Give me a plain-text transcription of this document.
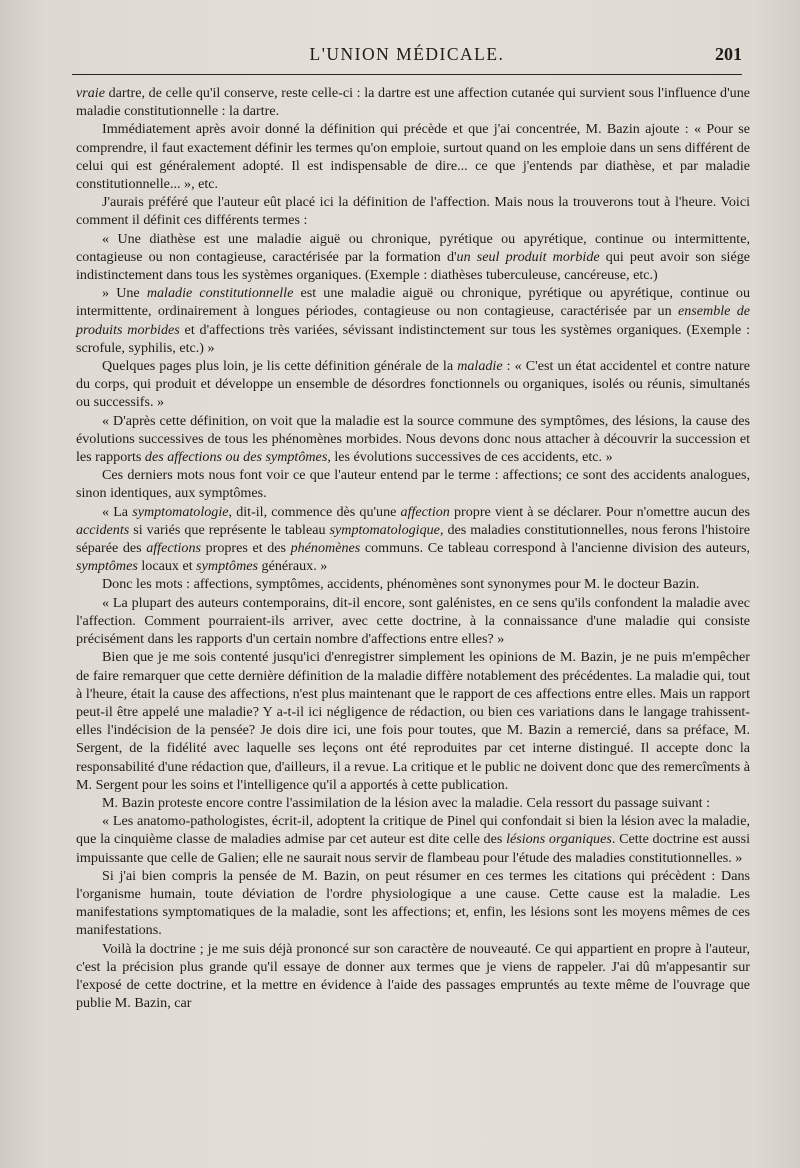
L'UNION MÉDICALE.	201

vraie dartre, de celle qu'il conserve, reste celle-ci : la dartre est une affection cutanée qui survient sous l'influence d'une maladie constitutionnelle : la dartre.

Immédiatement après avoir donné la définition qui précède et que j'ai concentrée, M. Bazin ajoute : « Pour se comprendre, il faut exactement définir les termes qu'on emploie, surtout quand on les emploie dans un sens différent de celui qui est généralement adopté. Il est indispensable de dire... ce que j'entends par diathèse, et par maladie constitutionnelle... », etc.

J'aurais préféré que l'auteur eût placé ici la définition de l'affection. Mais nous la trouverons tout à l'heure. Voici comment il définit ces différents termes :

« Une diathèse est une maladie aiguë ou chronique, pyrétique ou apyrétique, continue ou intermittente, contagieuse ou non contagieuse, caractérisée par la formation d'un seul produit morbide qui peut avoir son siége indistinctement dans tous les systèmes organiques. (Exemple : diathèses tuberculeuse, cancéreuse, etc.)

» Une maladie constitutionnelle est une maladie aiguë ou chronique, pyrétique ou apyrétique, continue ou intermittente, ordinairement à longues périodes, contagieuse ou non contagieuse, caractérisée par un ensemble de produits morbides et d'affections très variées, sévissant indistinctement sur tous les systèmes organiques. (Exemple : scrofule, syphilis, etc.) »

Quelques pages plus loin, je lis cette définition générale de la maladie : « C'est un état accidentel et contre nature du corps, qui produit et développe un ensemble de désordres fonctionnels ou organiques, isolés ou réunis, simultanés ou successifs. »

« D'après cette définition, on voit que la maladie est la source commune des symptômes, des lésions, la cause des évolutions successives de tous les phénomènes morbides. Nous devons donc nous attacher à découvrir la succession et les rapports des affections ou des symptômes, les évolutions successives de ces accidents, etc. »

Ces derniers mots nous font voir ce que l'auteur entend par le terme : affections; ce sont des accidents analogues, sinon identiques, aux symptômes.

« La symptomatologie, dit-il, commence dès qu'une affection propre vient à se déclarer. Pour n'omettre aucun des accidents si variés que représente le tableau symptomatologique, des maladies constitutionnelles, nous ferons l'histoire séparée des affections propres et des phénomènes communs. Ce tableau correspond à l'ancienne division des auteurs, symptômes locaux et symptômes généraux. »

Donc les mots : affections, symptômes, accidents, phénomènes sont synonymes pour M. le docteur Bazin.

« La plupart des auteurs contemporains, dit-il encore, sont galénistes, en ce sens qu'ils confondent la maladie avec l'affection. Comment pourraient-ils arriver, avec cette doctrine, à la connaissance d'une maladie qui consiste précisément dans les rapports d'un certain nombre d'affections entre elles? »

Bien que je me sois contenté jusqu'ici d'enregistrer simplement les opinions de M. Bazin, je ne puis m'empêcher de faire remarquer que cette dernière définition de la maladie diffère notablement des précédentes. La maladie qui, tout à l'heure, était la cause des affections, n'est plus maintenant que le rapport de ces affections entre elles. Mais un rapport peut-il être appelé une maladie? Y a-t-il ici négligence de rédaction, ou bien ces variations dans le langage trahissent-elles l'indécision de la pensée? Je dois dire ici, une fois pour toutes, que M. Bazin a remercié, dans sa préface, M. Sergent, de la fidélité avec laquelle ses leçons ont été reproduites par cet interne distingué. Il accepte donc la responsabilité d'une rédaction que, d'ailleurs, il a revue. La critique et le public ne doivent donc que des remercîments à M. Sergent pour les soins et l'intelligence qu'il a apportés à cette publication.

M. Bazin proteste encore contre l'assimilation de la lésion avec la maladie. Cela ressort du passage suivant :

« Les anatomo-pathologistes, écrit-il, adoptent la critique de Pinel qui confondait si bien la lésion avec la maladie, que la cinquième classe de maladies admise par cet auteur est dite celle des lésions organiques. Cette doctrine est aussi impuissante que celle de Galien; elle ne saurait nous servir de flambeau pour l'étude des maladies constitutionnelles. »

Si j'ai bien compris la pensée de M. Bazin, on peut résumer en ces termes les citations qui précèdent : Dans l'organisme humain, toute déviation de l'ordre physiologique a une cause. Cette cause est la maladie. Les manifestations symptomatiques de la maladie, sont les affections; et, enfin, les lésions sont les moyens mêmes de ces manifestations.

Voilà la doctrine ; je me suis déjà prononcé sur son caractère de nouveauté. Ce qui appartient en propre à l'auteur, c'est la précision plus grande qu'il essaye de donner aux termes que je viens de rappeler. J'ai dû m'appesantir sur l'exposé de cette doctrine, et la mettre en évidence à l'aide des passages empruntés au texte même de l'ouvrage que publie M. Bazin, car
